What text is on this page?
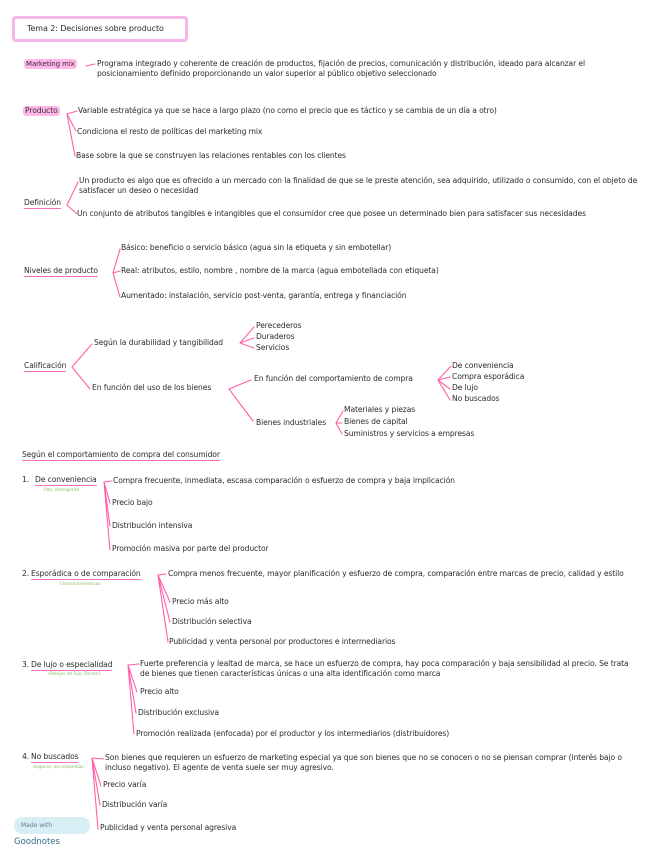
Tema 2: Decisiones sobre producto
Marketing mix	Programa integrado y coherente de creación de productos, fijación de precios, comunicación y distribución, ideado para alcanzar el posicionamiento definido proporcionando un valor superior al público objetivo seleccionado
Producto	Variable estratégica ya que se hace a largo plazo (no como el precio que es táctico y se cambia de un día a otro)
Condiciona el resto de políticas del marketing mix
Base sobre la que se construyen las relaciones rentables con los clientes
Definición
Un producto es algo que es ofrecido a un mercado con la finalidad de que se le preste atención, sea adquirido, utilizado o consumido, con el objeto de satisfacer un deseo o necesidad
Un conjunto de atributos tangibles e intangibles que el consumidor cree que posee un determinado bien para satisfacer sus necesidades
Niveles de producto
Básico: beneficio o servicio básico (agua sin la etiqueta y sin embotellar)
Real: atributos, estilo, nombre , nombre de la marca (agua embotellada con etiqueta)
Aumentado: instalación, servicio post-venta, garantía, entrega y financiación
Calificación
Según la durabilidad y tangibilidad
Perecederos
Duraderos
Servicios
En función del uso de los bienes
En función del comportamiento de compra
De conveniencia
Compra esporádica
De lujo
No buscados
Bienes industriales
Materiales y piezas
Bienes de capital
Suministros y servicios a empresas
Según el comportamiento de compra del consumidor
1. De conveniencia
Pan, detergente
Compra frecuente, inmediata, escasa comparación o esfuerzo de compra y baja implicación
Precio bajo
Distribución intensiva
Promoción masiva por parte del productor
2. Esporádica o de comparación
Electrodomésticos
Compra menos frecuente, mayor planificación y esfuerzo de compra, comparación entre marcas de precio, calidad y estilo
Precio más alto
Distribución selectiva
Publicidad y venta personal por productores e intermediarios
3. De lujo o especialidad
(Relojes de lujo, Ferrari)
Fuerte preferencia y lealtad de marca, se hace un esfuerzo de compra, hay poca comparación y baja sensibilidad al precio. Se trata de bienes que tienen características únicas o una alta identificación como marca
Precio alto
Distribución exclusiva
Promoción realizada (enfocada) por el productor y los intermediarios (distribuidores)
4. No buscados
Seguros, enciclopedias
Son bienes que requieren un esfuerzo de marketing especial ya que son bienes que no se conocen o no se piensan comprar (interés bajo o incluso negativo). El agente de venta suele ser muy agresivo.
Precio varía
Distribución varía
Publicidad y venta personal agresiva
Made with Goodnotes
